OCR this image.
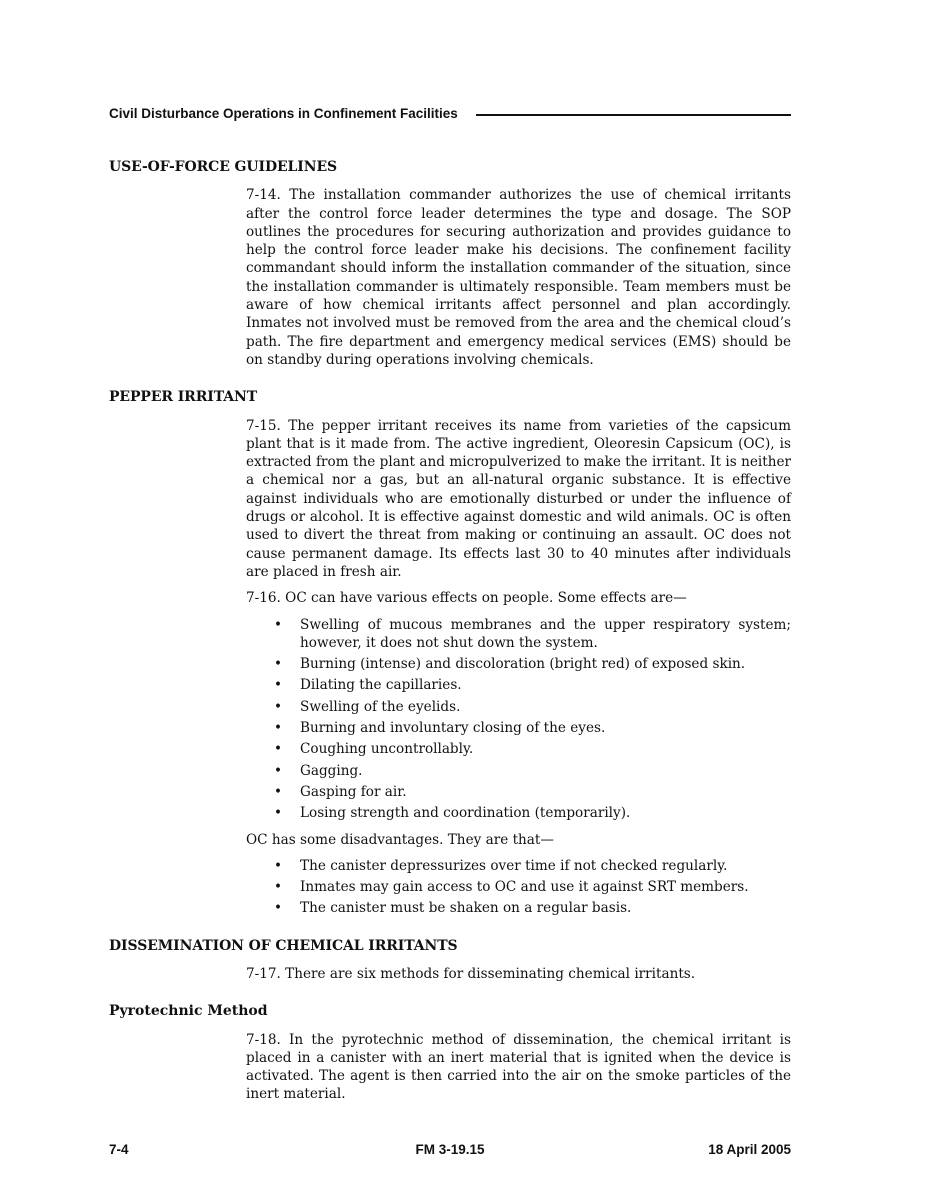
Civil Disturbance Operations in Confinement Facilities
USE-OF-FORCE GUIDELINES

7-14. The installation commander authorizes the use of chemical irritants after the control force leader determines the type and dosage. The SOP outlines the procedures for securing authorization and provides guidance to help the control force leader make his decisions. The confinement facility commandant should inform the installation commander of the situation, since the installation commander is ultimately responsible. Team members must be aware of how chemical irritants affect personnel and plan accordingly. Inmates not involved must be removed from the area and the chemical cloud’s path. The fire department and emergency medical services (EMS) should be on standby during operations involving chemicals.

PEPPER IRRITANT

7-15. The pepper irritant receives its name from varieties of the capsicum plant that is it made from. The active ingredient, Oleoresin Capsicum (OC), is extracted from the plant and micropulverized to make the irritant. It is neither a chemical nor a gas, but an all-natural organic substance. It is effective against individuals who are emotionally disturbed or under the influence of drugs or alcohol. It is effective against domestic and wild animals. OC is often used to divert the threat from making or continuing an assault. OC does not cause permanent damage. Its effects last 30 to 40 minutes after individuals are placed in fresh air.

7-16. OC can have various effects on people. Some effects are—

• Swelling of mucous membranes and the upper respiratory system; however, it does not shut down the system.
• Burning (intense) and discoloration (bright red) of exposed skin.
• Dilating the capillaries.
• Swelling of the eyelids.
• Burning and involuntary closing of the eyes.
• Coughing uncontrollably.
• Gagging.
• Gasping for air.
• Losing strength and coordination (temporarily).

OC has some disadvantages. They are that—

• The canister depressurizes over time if not checked regularly.
• Inmates may gain access to OC and use it against SRT members.
• The canister must be shaken on a regular basis.
DISSEMINATION OF CHEMICAL IRRITANTS

7-17. There are six methods for disseminating chemical irritants.

Pyrotechnic Method

7-18. In the pyrotechnic method of dissemination, the chemical irritant is placed in a canister with an inert material that is ignited when the device is activated. The agent is then carried into the air on the smoke particles of the inert material.

7-4	FM 3-19.15	18 April 2005
